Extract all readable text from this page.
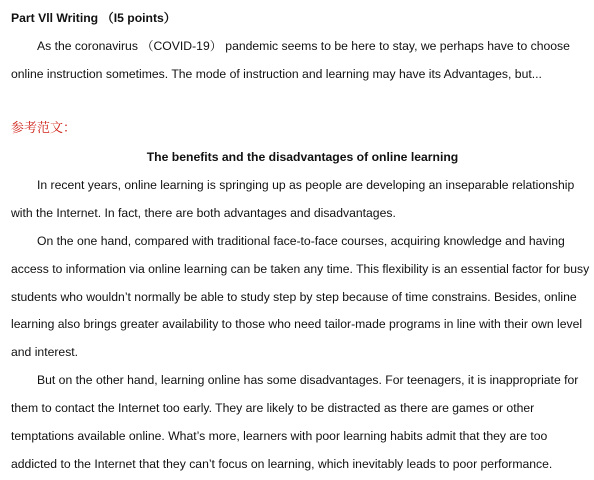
Part Vll Writing （I5 points）
As the coronavirus （COVID-19） pandemic seems to be here to stay, we perhaps have to choose
online instruction sometimes. The mode of instruction and learning may have its Advantages, but...
参考范文：
The benefits and the disadvantages of online learning
In recent years, online learning is springing up as people are developing an inseparable relationship
with the Internet. In fact, there are both advantages and disadvantages.
On the one hand, compared with traditional face-to-face courses, acquiring knowledge and having
access to information via online learning can be taken any time. This flexibility is an essential factor for busy
students who wouldn’t normally be able to study step by step because of time constrains. Besides, online
learning also brings greater availability to those who need tailor-made programs in line with their own level
and interest.
But on the other hand, learning online has some disadvantages. For teenagers, it is inappropriate for
them to contact the Internet too early. They are likely to be distracted as there are games or other
temptations available online. What’s more, learners with poor learning habits admit that they are too
addicted to the Internet that they can’t focus on learning, which inevitably leads to poor performance.
